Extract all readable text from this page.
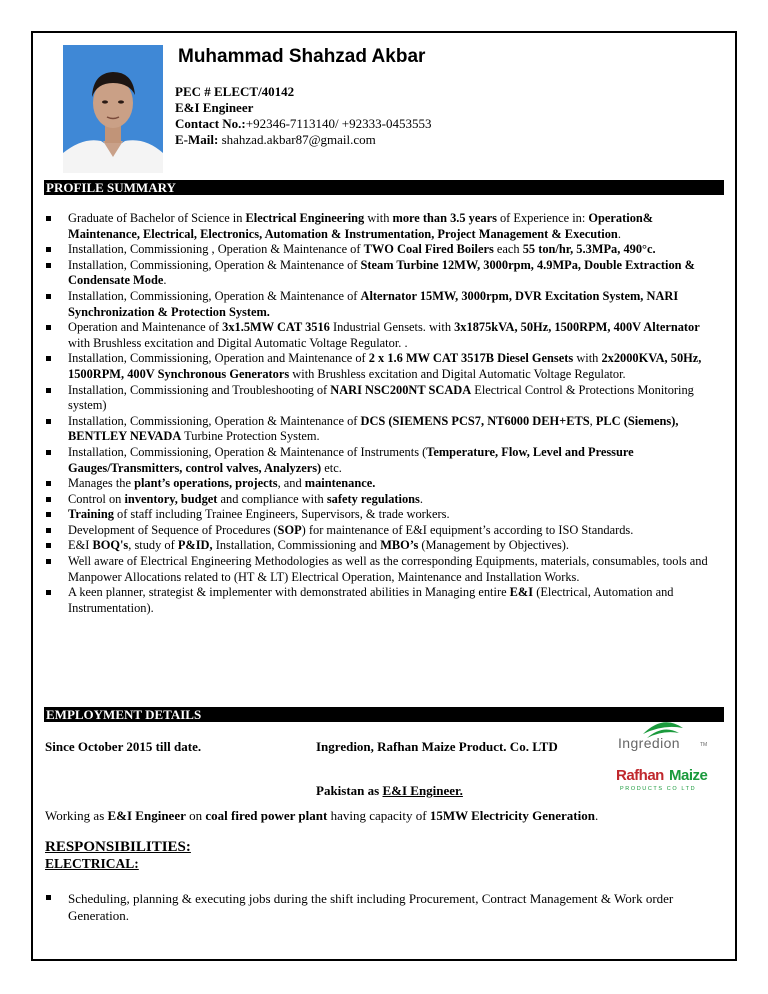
Muhammad Shahzad Akbar
PEC # ELECT/40142
E&I Engineer
Contact No.:+92346-7113140/ +92333-0453553
E-Mail: shahzad.akbar87@gmail.com
PROFILE SUMMARY
Graduate of Bachelor of Science in Electrical Engineering with more than 3.5 years of Experience in: Operation& Maintenance, Electrical, Electronics, Automation & Instrumentation, Project Management & Execution.
Installation, Commissioning , Operation & Maintenance of TWO Coal Fired Boilers each 55 ton/hr, 5.3MPa, 490°c.
Installation, Commissioning, Operation & Maintenance of Steam Turbine 12MW, 3000rpm, 4.9MPa, Double Extraction & Condensate Mode.
Installation, Commissioning, Operation & Maintenance of Alternator 15MW, 3000rpm, DVR Excitation System, NARI Synchronization & Protection System.
Operation and Maintenance of 3x1.5MW CAT 3516 Industrial Gensets. with 3x1875kVA, 50Hz, 1500RPM, 400V Alternator with Brushless excitation and Digital Automatic Voltage Regulator. .
Installation, Commissioning, Operation and Maintenance of 2 x 1.6 MW CAT 3517B Diesel Gensets with 2x2000KVA, 50Hz, 1500RPM, 400V Synchronous Generators with Brushless excitation and Digital Automatic Voltage Regulator.
Installation, Commissioning and Troubleshooting of NARI NSC200NT SCADA Electrical Control & Protections Monitoring system)
Installation, Commissioning, Operation & Maintenance of DCS (SIEMENS PCS7, NT6000 DEH+ETS, PLC (Siemens), BENTLEY NEVADA Turbine Protection System.
Installation, Commissioning, Operation & Maintenance of Instruments (Temperature, Flow, Level and Pressure Gauges/Transmitters, control valves, Analyzers) etc.
Manages the plant’s operations, projects, and maintenance.
Control on inventory, budget and compliance with safety regulations.
Training of staff including Trainee Engineers, Supervisors, & trade workers.
Development of Sequence of Procedures (SOP) for maintenance of E&I equipment’s according to ISO Standards.
E&I BOQ's, study of P&ID, Installation, Commissioning and MBO’s (Management by Objectives).
Well aware of Electrical Engineering Methodologies as well as the corresponding Equipments, materials, consumables, tools and Manpower Allocations related to (HT & LT) Electrical Operation, Maintenance and Installation Works.
A keen planner, strategist & implementer with demonstrated abilities in Managing entire E&I (Electrical, Automation and Instrumentation).
EMPLOYMENT DETAILS
Since October 2015 till date.	Ingredion, Rafhan Maize Product. Co. LTD	Ingredion	TM
Pakistan as E&I Engineer.
Rafhan Maize
PRODUCTS CO LTD
Working as E&I Engineer on coal fired power plant having capacity of 15MW Electricity Generation.
RESPONSIBILITIES:
ELECTRICAL:
Scheduling, planning & executing jobs during the shift including Procurement, Contract Management & Work order Generation.
